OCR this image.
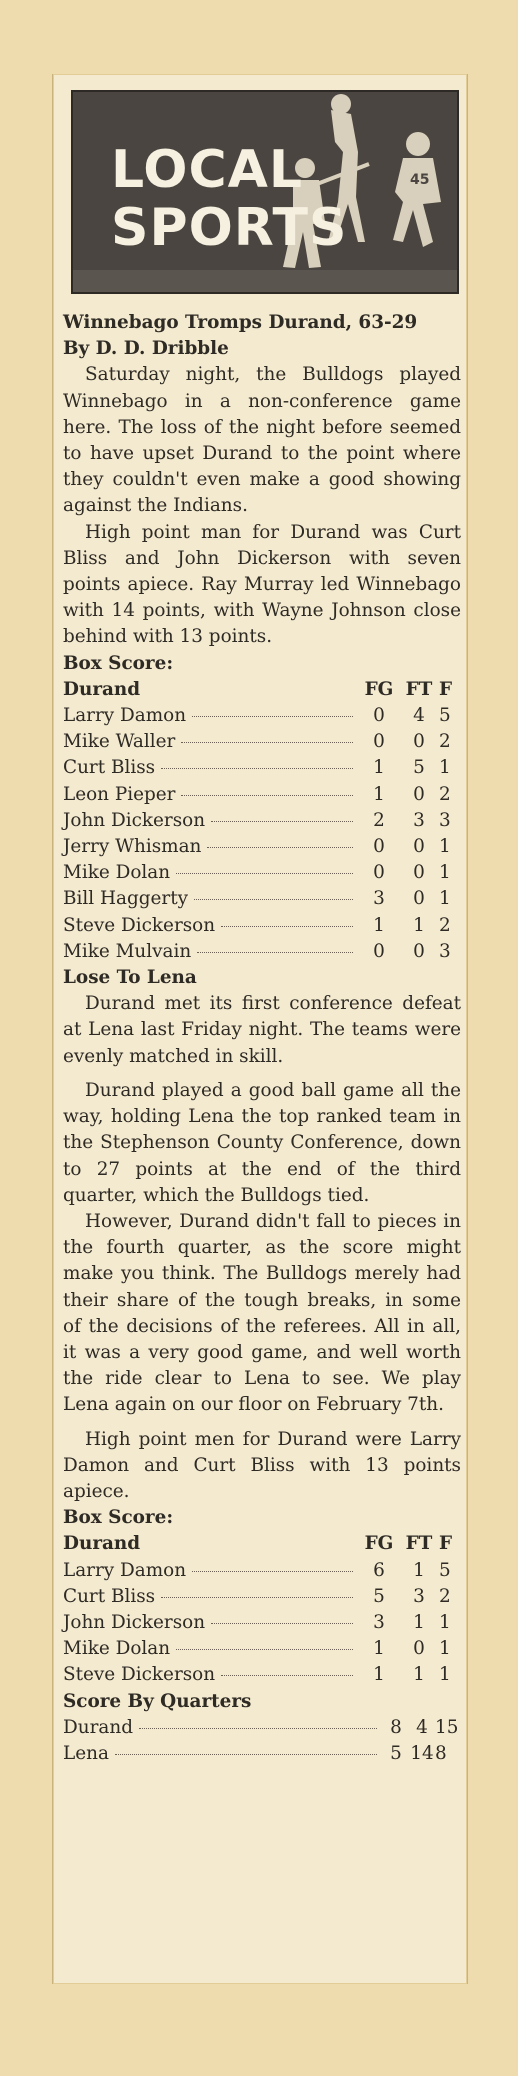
45
LOCAL
SPORTS

Winnebago Tromps Durand, 63-29

By D. D. Dribble

Saturday night, the Bulldogs played Winnebago in a non-conference game here. The loss of the night before seemed to have upset Durand to the point where they couldn't even make a good showing against the Indians.

High point man for Durand was Curt Bliss and John Dickerson with seven points apiece. Ray Murray led Winnebago with 14 points, with Wayne Johnson close behind with 13 points.

Box Score:

Durand	FG FT F
Larry Damon	0	4 5
Mike Waller	0	0 2
Curt Bliss	1	5 1
Leon Pieper	1	0 2
John Dickerson	2	3 3
Jerry Whisman	0	0 1
Mike Dolan	0	0 1
Bill Haggerty	3	0 1
Steve Dickerson	1	1 2
Mike Mulvain	0	0 3

Lose To Lena

Durand met its first conference defeat at Lena last Friday night. The teams were evenly matched in skill.

Durand played a good ball game all the way, holding Lena the top ranked team in the Stephenson County Conference, down to 27 points at the end of the third quarter, which the Bulldogs tied.

However, Durand didn't fall to pieces in the fourth quarter, as the score might make you think. The Bulldogs merely had their share of the tough breaks, in some of the decisions of the referees. All in all, it was a very good game, and well worth the ride clear to Lena to see. We play Lena again on our floor on February 7th.

High point men for Durand were Larry Damon and Curt Bliss with 13 points apiece.

Box Score:

Durand	FG FT F
Larry Damon	6	1 5
Curt Bliss	5	3 2
John Dickerson	3	1 1
Mike Dolan	1	0 1
Steve Dickerson	1	1 1

Score By Quarters

Durand	8 4 15
Lena	5 14 8
